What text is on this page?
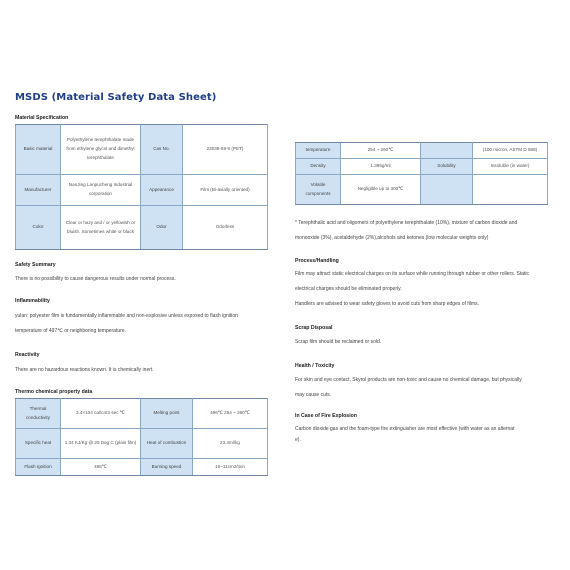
MSDS (Material Safety Data Sheet)
Material Specification
Basic material	Polyethylene terephthalate made from ethylene glycol and dimethyl terephthalate	Cas No.	23038-59-9 (PET)
Manufacturer	NanJing Lanpucheng Industrial corporation	Appearance	Film (Bi-axially oriented)
Color	Clear or hazy and / or yellowish or bluish. Sometimes white or black	Odor	Odorless
Safety Summary
There is no possibility to cause dangerous results under normal process.
Inflammability
yulan: polyester film is fundamentally inflammable and non-explosive unless exposed to flash ignition
temperature of 497℃ or neighboring temperature.
Reactivity
There are no hazardous reactions known. It is chemically inert.
Thermo chemical property data
Thermal conductivity	3.4×104 cal/cm3·sec ℃	Melting point	496℃ 254 ~ 260℃
Specific heat	1.34 KJ/Kg @ 25 Deg C (plain film)	Heat of combustion	23.4ml/kg
Flash Ignition	496℃	Burning speed	10~11cm2/min
temperature	254 ~ 260℃		(100 micron, ASTM D 568)
Density	1.395g/ml	Solubility	Insoluble (in water)
Volatile components	Negligible up to 300℃		
* Terephthalic acid and oligomers of polyethylene terephthalate (10%), mixture of carbon dioxide and
monooxide (3%), acetaldehyde (2%),alcohols and ketones (low molecular weights only)
Process/Handling
Film may attract static electrical charges on its surface while running through rubber or other rollers. Static
electrical charges should be eliminated properly.
Handlers are advised to wear safety gloves to avoid cuts from sharp edges of films.
Scrap Disposal
Scrap film should be reclaimed or sold.
Health / Toxicity
For skin and eye contact, Skyrol products are non-toxic and cause no chemical damage, but physically
may cause cuts.
In Case of Fire Explosion
Carbon dioxide gas and the foam-type fire extinguisher are most effective (with water as an alternat
e).
